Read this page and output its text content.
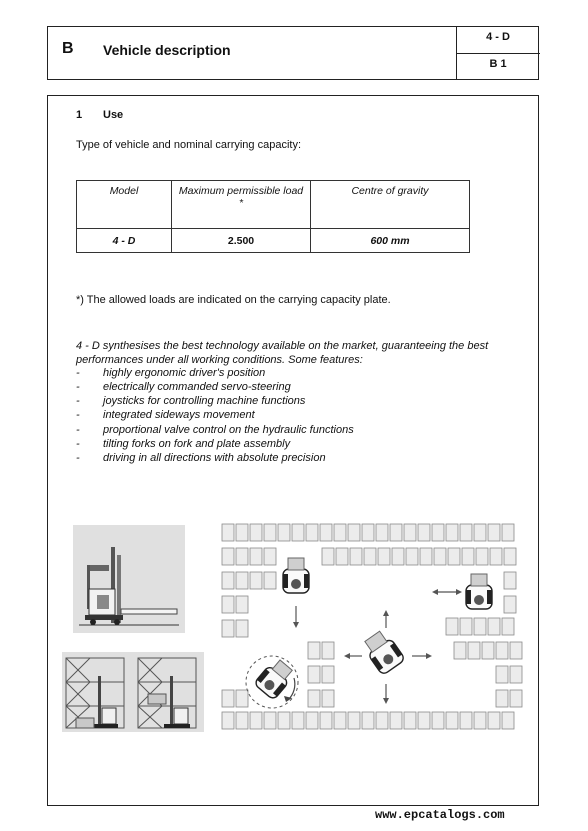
B Vehicle description
4 - D
B 1
1 Use
Type of vehicle and nominal carrying capacity:
Model	Maximum permissible load *	Centre of gravity
4 - D	2.500	600 mm
*) The allowed loads are indicated on the carrying capacity plate.
4 - D synthesises the best technology available on the market, guaranteeing the best performances under all working conditions. Some features:
- highly ergonomic driver's position
- electrically commanded servo-steering
- joysticks for controlling machine functions
- integrated sideways movement
- proportional valve control on the hydraulic functions
- tilting forks on fork and plate assembly
- driving in all directions with absolute precision
www.epcatalogs.com
